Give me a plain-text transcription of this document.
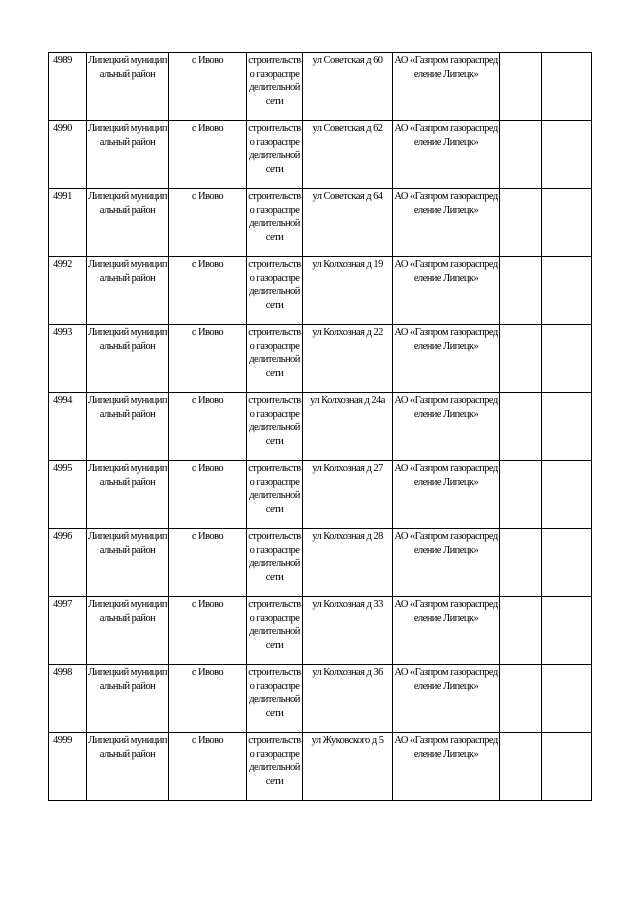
4989	Липецкий муниципальный район	с Ивово	строительство газораспределительной сети	ул Советская д 60	АО «Газпром газораспределение Липецк»		
4990	Липецкий муниципальный район	с Ивово	строительство газораспределительной сети	ул Советская д 62	АО «Газпром газораспределение Липецк»		
4991	Липецкий муниципальный район	с Ивово	строительство газораспределительной сети	ул Советская д 64	АО «Газпром газораспределение Липецк»		
4992	Липецкий муниципальный район	с Ивово	строительство газораспределительной сети	ул Колхозная д 19	АО «Газпром газораспределение Липецк»		
4993	Липецкий муниципальный район	с Ивово	строительство газораспределительной сети	ул Колхозная д 22	АО «Газпром газораспределение Липецк»		
4994	Липецкий муниципальный район	с Ивово	строительство газораспределительной сети	ул Колхозная д 24а	АО «Газпром газораспределение Липецк»		
4995	Липецкий муниципальный район	с Ивово	строительство газораспределительной сети	ул Колхозная д 27	АО «Газпром газораспределение Липецк»		
4996	Липецкий муниципальный район	с Ивово	строительство газораспределительной сети	ул Колхозная д 28	АО «Газпром газораспределение Липецк»		
4997	Липецкий муниципальный район	с Ивово	строительство газораспределительной сети	ул Колхозная д 33	АО «Газпром газораспределение Липецк»		
4998	Липецкий муниципальный район	с Ивово	строительство газораспределительной сети	ул Колхозная д 36	АО «Газпром газораспределение Липецк»		
4999	Липецкий муниципальный район	с Ивово	строительство газораспределительной сети	ул Жуковского д 5	АО «Газпром газораспределение Липецк»		
